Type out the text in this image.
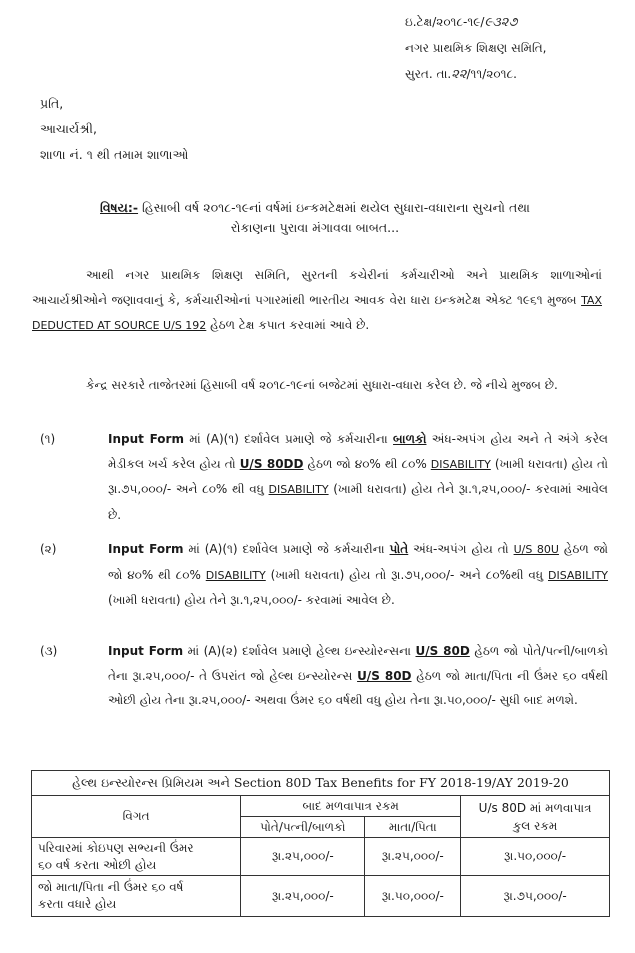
ઇ.ટેક્ષ/૨૦૧૮-૧૯/૯૩૨૭
નગર પ્રાથમિક શિક્ષણ સમિતિ,
સુરત. તા.૨૨/૧૧/૨૦૧૮.
પ્રતિ,
આચાર્યશ્રી,
શાળા નં. ૧ થી તમામ શાળાઓ
વિષય:- હિસાબી વર્ષ ૨૦૧૮-૧૯નાં વર્ષમાં ઇન્કમટેક્ષમાં થયેલ સુધારા-વધારાના સુચનો તથા
રોકાણના પુરાવા મંગાવવા બાબત...
આથી નગર પ્રાથમિક શિક્ષણ સમિતિ, સુરતની કચેરીનાં કર્મચારીઓ અને પ્રાથમિક શાળાઓનાં આચાર્યશ્રીઓને જણાવવાનું કે, કર્મચારીઓનાં પગારમાંથી ભારતીય આવક વેરા ધારા ઇન્કમટેક્ષ એક્ટ ૧૯૬૧ મુજબ TAX DEDUCTED AT SOURCE U/S 192 હેઠળ ટેક્ષ કપાત કરવામાં આવે છે.
કેન્દ્ર સરકારે તાજેતરમાં હિસાબી વર્ષ ૨૦૧૮-૧૯નાં બજેટમાં સુધારા-વધારા કરેલ છે. જે નીચે મુજબ છે.
(૧)	Input Form માં (A)(૧) દર્શાવેલ પ્રમાણે જે કર્મચારીના બાળકો અંધ-અપંગ હોય અને તે અંગે કરેલ મેડીકલ ખર્ચ કરેલ હોય તો U/S 80DD હેઠળ જો ૪૦% થી ૮૦% DISABILITY (ખામી ધરાવતા) હોય તો રૂા.૭૫,૦૦૦/- અને ૮૦% થી વધુ DISABILITY (ખામી ધરાવતા) હોય તેને રૂા.૧,૨૫,૦૦૦/- કરવામાં આવેલ છે.
(૨)	Input Form માં (A)(૧) દર્શાવેલ પ્રમાણે જે કર્મચારીના પોતે અંધ-અપંગ હોય તો U/S 80U હેઠળ જો જો ૪૦% થી ૮૦% DISABILITY (ખામી ધરાવતા) હોય તો રૂા.૭૫,૦૦૦/- અને ૮૦%થી વધુ DISABILITY (ખામી ધરાવતા) હોય તેને રૂા.૧,૨૫,૦૦૦/- કરવામાં આવેલ છે.
(૩)	Input Form માં (A)(૨) દર્શાવેલ પ્રમાણે હેલ્થ ઇન્સ્યોરન્સના U/S 80D હેઠળ જો પોતે/પત્ની/બાળકો તેના રૂા.૨૫,૦૦૦/- તે ઉપરાંત જો હેલ્થ ઇન્સ્યોરન્સ U/S 80D હેઠળ જો માતા/પિતા ની ઉંમર ૬૦ વર્ષથી ઓછી હોય તેના રૂા.૨૫,૦૦૦/- અથવા ઉંમર ૬૦ વર્ષથી વધુ હોય તેના રૂા.૫૦,૦૦૦/- સુધી બાદ મળશે.
હેલ્થ ઇન્સ્યોરન્સ પ્રિમિયમ અને Section 80D Tax Benefits for FY 2018-19/AY 2019-20			
વિગત	બાદ મળવાપાત્ર રકમ		U/s 80D માં મળવાપાત્ર
કુલ રકમ

	પોતે/પત્ની/બાળકો	માતા/પિતા	

પરિવારમાં કોઇપણ સભ્યની ઉંમર
૬૦ વર્ષ કરતા ઓછી હોય	રૂા.૨૫,૦૦૦/-	રૂા.૨૫,૦૦૦/-	રૂા.૫૦,૦૦૦/-

જો માતા/પિતા ની ઉંમર ૬૦ વર્ષ
કરતા વધારે હોય	રૂા.૨૫,૦૦૦/-	રૂા.૫૦,૦૦૦/-	રૂા.૭૫,૦૦૦/-
